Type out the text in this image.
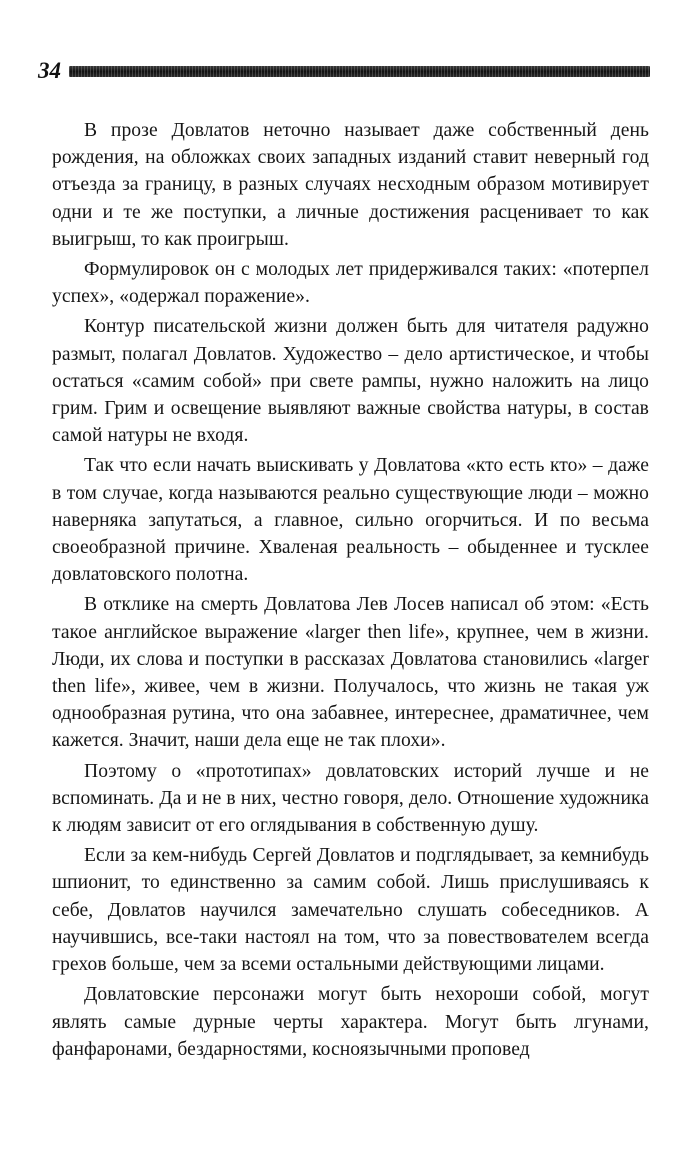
34

В прозе Довлатов неточно называет даже собственный день рождения, на обложках своих западных изданий ставит неверный год отъезда за границу, в разных случаях несходным образом мотивирует одни и те же поступки, а личные достижения расценивает то как выигрыш, то как проигрыш.

Формулировок он с молодых лет придерживался таких: «потерпел успех», «одержал поражение».

Контур писательской жизни должен быть для читателя радужно размыт, полагал Довлатов. Художество – дело артистическое, и чтобы остаться «самим собой» при свете рампы, нужно наложить на лицо грим. Грим и освещение выявляют важные свойства натуры, в состав самой натуры не входя.

Так что если начать выискивать у Довлатова «кто есть кто» – даже в том случае, когда называются реально существующие люди – можно наверняка запутаться, а главное, сильно огорчиться. И по весьма своеобразной причине. Хваленая реальность – обыденнее и тусклее довлатовского полотна.

В отклике на смерть Довлатова Лев Лосев написал об этом: «Есть такое английское выражение «larger then life», крупнее, чем в жизни. Люди, их слова и поступки в рассказах Довлатова становились «larger then life», живее, чем в жизни. Получалось, что жизнь не такая уж однообразная рутина, что она забавнее, интереснее, драматичнее, чем кажется. Значит, наши дела еще не так плохи».

Поэтому о «прототипах» довлатовских историй лучше и не вспоминать. Да и не в них, честно говоря, дело. Отношение художника к людям зависит от его оглядывания в собственную душу.

Если за кем-нибудь Сергей Довлатов и подглядывает, за кемнибудь шпионит, то единственно за самим собой. Лишь прислушиваясь к себе, Довлатов научился замечательно слушать собеседников. А научившись, все-таки настоял на том, что за повествователем всегда грехов больше, чем за всеми остальными действующими лицами.

Довлатовские персонажи могут быть нехороши собой, могут являть самые дурные черты характера. Могут быть лгунами, фанфаронами, бездарностями, косноязычными проповед
